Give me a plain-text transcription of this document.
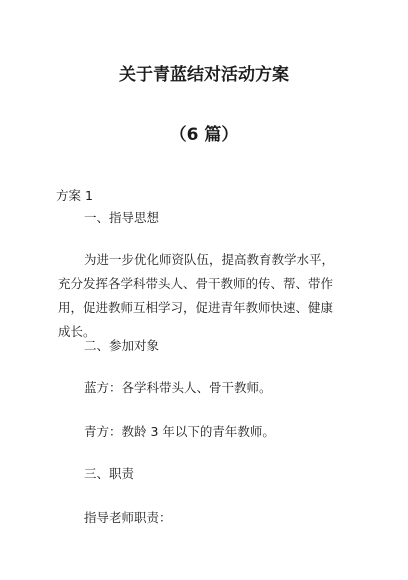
关于青蓝结对活动方案
（6 篇）
方案 1
一、指导思想
为进一步优化师资队伍，提高教育教学水平，充分发挥各学科带头人、骨干教师的传、帮、带作用，促进教师互相学习，促进青年教师快速、健康成长。
二、参加对象
蓝方：各学科带头人、骨干教师。
青方：教龄 3 年以下的青年教师。
三、职责
指导老师职责：
